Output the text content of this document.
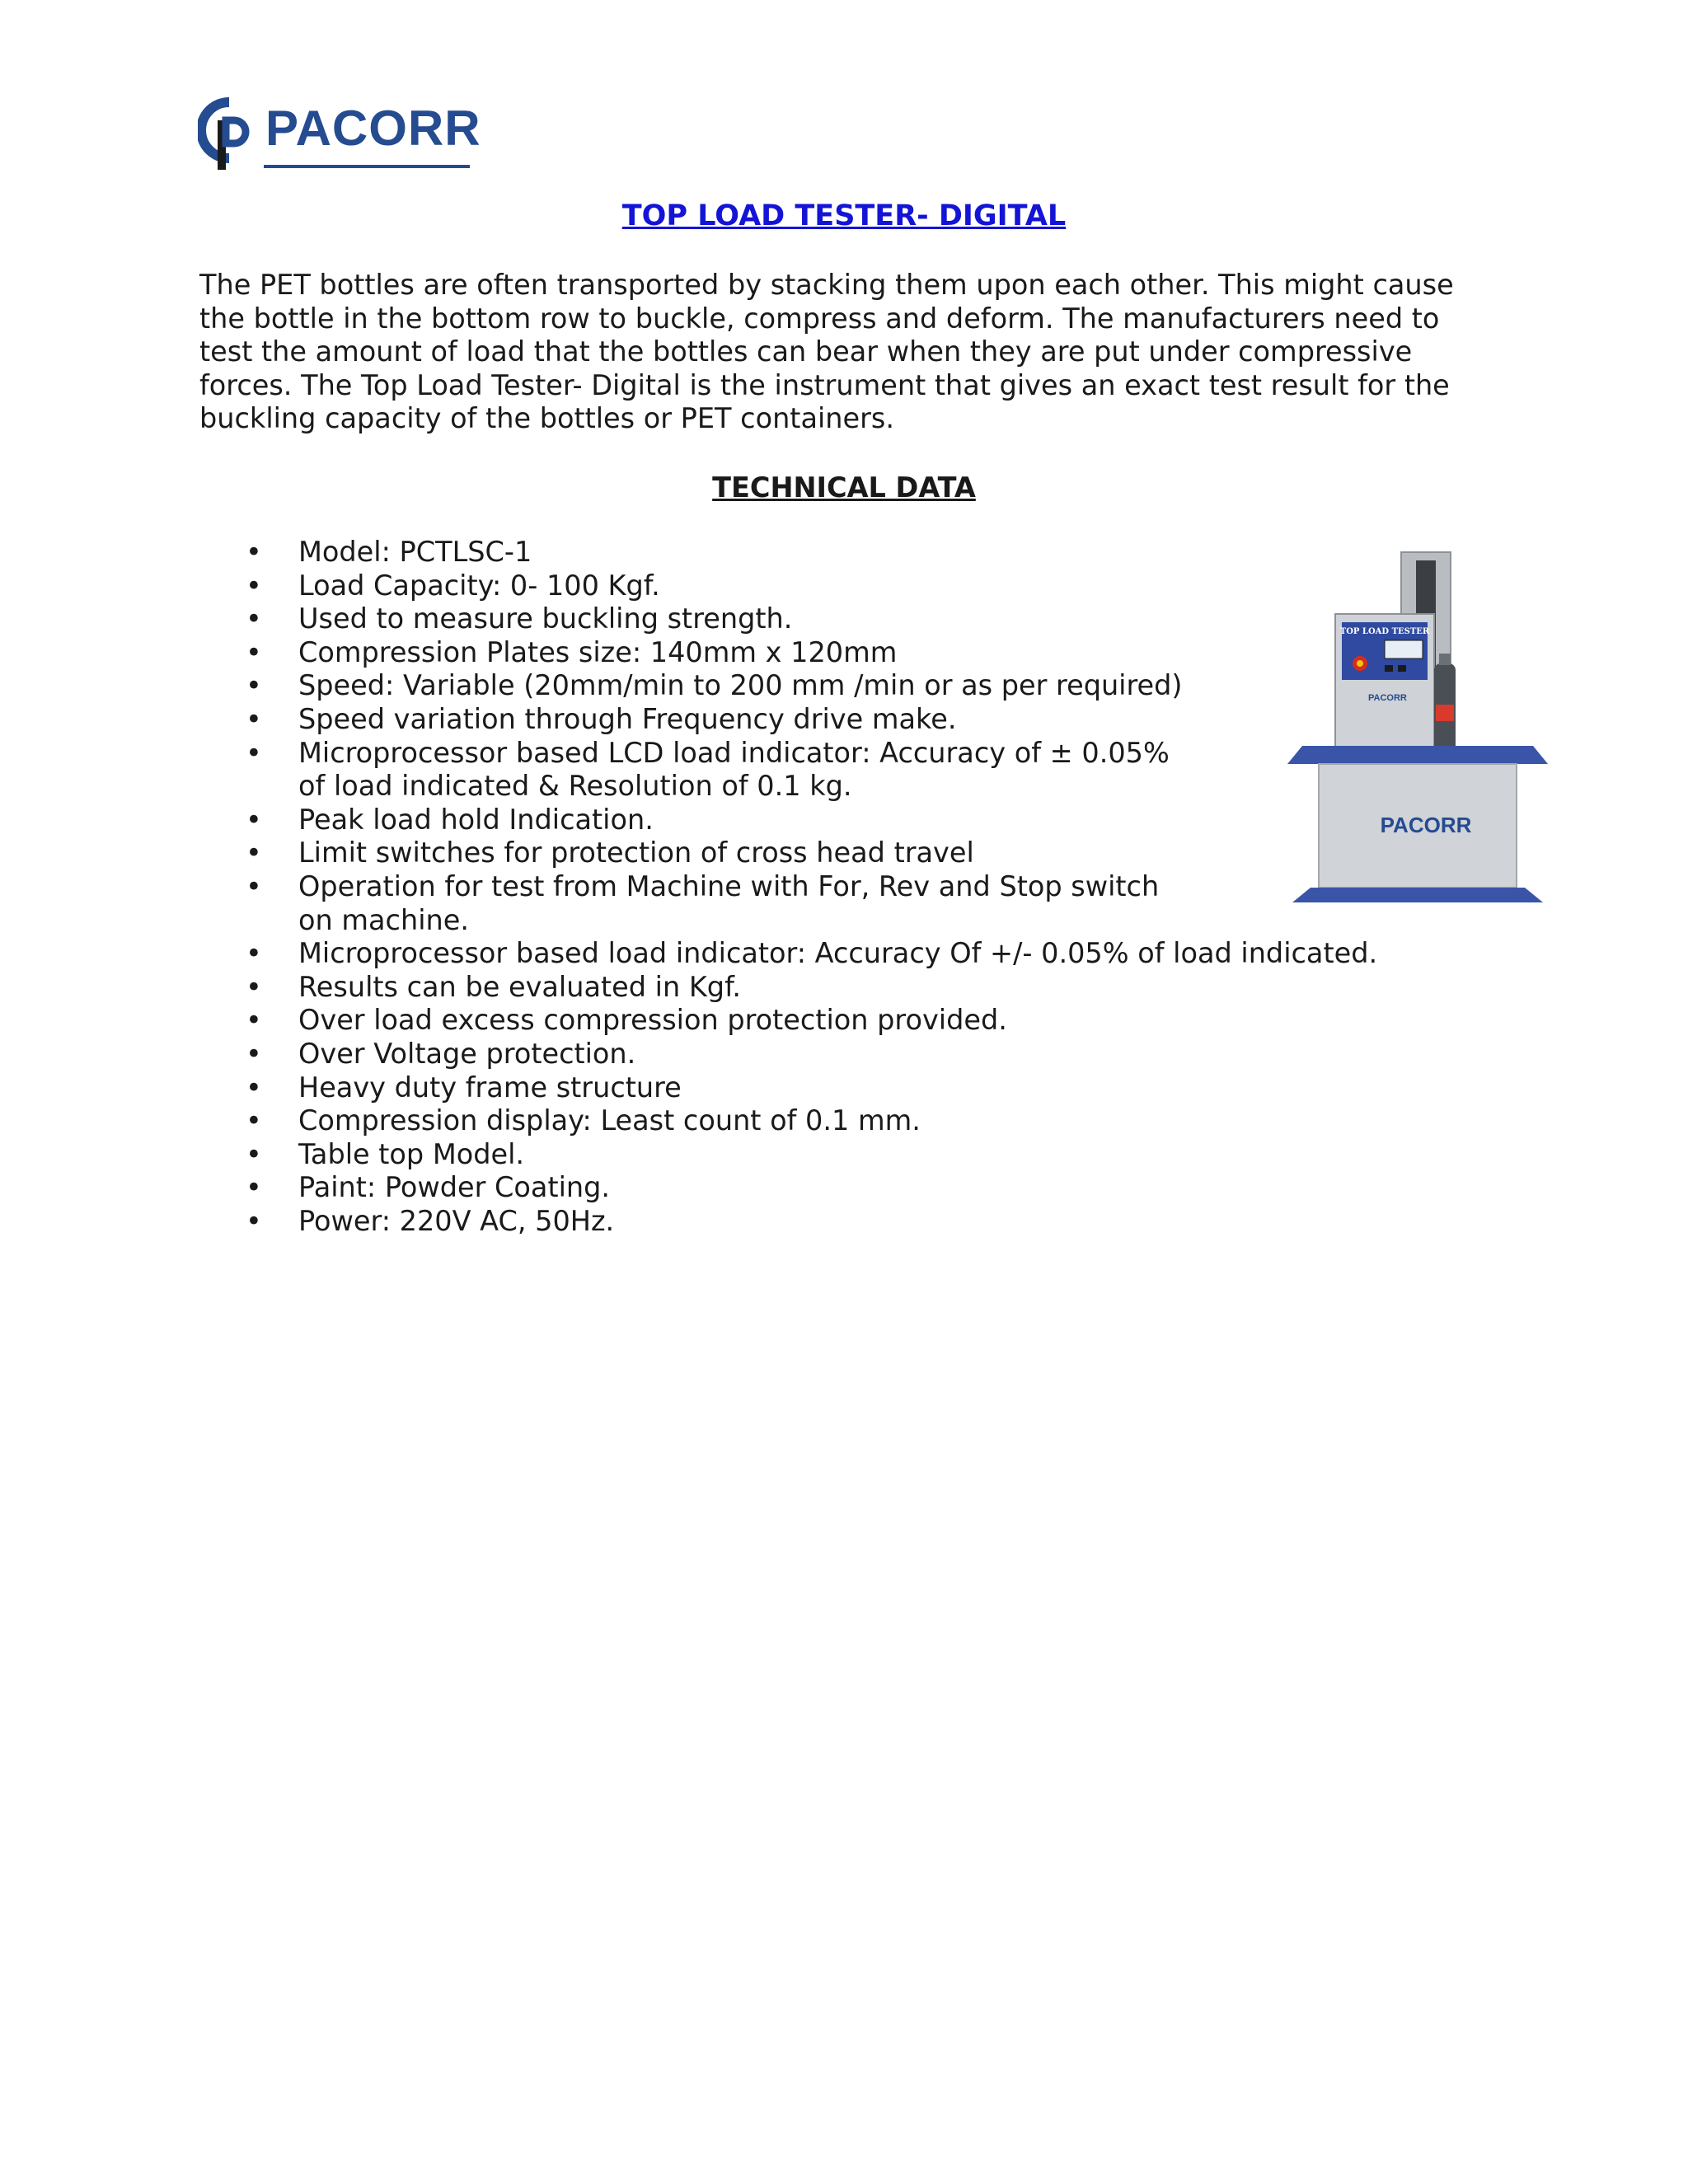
PACORR
TOP LOAD TESTER- DIGITAL

The PET bottles are often transported by stacking them upon each other. This might cause
the bottle in the bottom row to buckle, compress and deform. The manufacturers need to
test the amount of load that the bottles can bear when they are put under compressive
forces. The Top Load Tester- Digital is the instrument that gives an exact test result for the
buckling capacity of the bottles or PET containers.

TECHNICAL DATA
• Model: PCTLSC-1
• Load Capacity: 0- 100 Kgf.
• Used to measure buckling strength.
• Compression Plates size: 140mm x 120mm
• Speed: Variable (20mm/min to 200 mm /min or as per required)
• Speed variation through Frequency drive make.
• Microprocessor based LCD load indicator: Accuracy of ± 0.05% of load indicated & Resolution of 0.1 kg.
• Peak load hold Indication.
• Limit switches for protection of cross head travel
• Operation for test from Machine with For, Rev and Stop switch on machine.
• Microprocessor based load indicator: Accuracy Of +/- 0.05% of load indicated.
• Results can be evaluated in Kgf.
• Over load excess compression protection provided.
• Over Voltage protection.
• Heavy duty frame structure
• Compression display: Least count of 0.1 mm.
• Table top Model.
• Paint: Powder Coating.
• Power: 220V AC, 50Hz.
TOP LOAD TESTER
PACORR
PACORR
